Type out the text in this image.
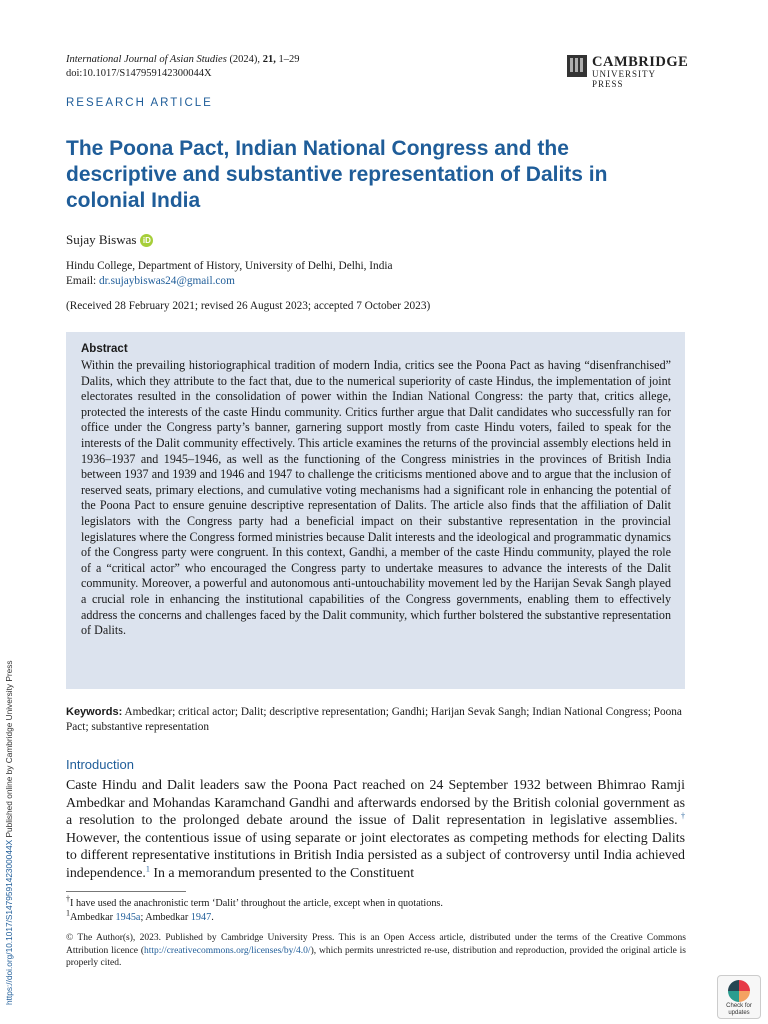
International Journal of Asian Studies (2024), 21, 1–29
doi:10.1017/S147959142300044X
CAMBRIDGE
UNIVERSITY PRESS
RESEARCH ARTICLE
The Poona Pact, Indian National Congress and the descriptive and substantive representation of Dalits in colonial India
Sujay Biswas iD
Hindu College, Department of History, University of Delhi, Delhi, India
Email: dr.sujaybiswas24@gmail.com
(Received 28 February 2021; revised 26 August 2023; accepted 7 October 2023)
Abstract
Within the prevailing historiographical tradition of modern India, critics see the Poona Pact as having “disenfranchised” Dalits, which they attribute to the fact that, due to the numerical superiority of caste Hindus, the implementation of joint electorates resulted in the consolidation of power within the Indian National Congress: the party that, critics allege, protected the interests of the caste Hindu community. Critics further argue that Dalit candidates who successfully ran for office under the Congress party’s banner, garnering support mostly from caste Hindu voters, failed to speak for the interests of the Dalit community effectively. This article examines the returns of the provincial assembly elections held in 1936–1937 and 1945–1946, as well as the functioning of the Congress ministries in the provinces of British India between 1937 and 1939 and 1946 and 1947 to challenge the criticisms mentioned above and to argue that the inclusion of reserved seats, primary elections, and cumulative voting mechanisms had a significant role in enhancing the potential of the Poona Pact to ensure genuine descriptive representation of Dalits. The article also finds that the affiliation of Dalit legislators with the Congress party had a beneficial impact on their substantive representation in the provincial legislatures where the Congress formed ministries because Dalit interests and the ideological and programmatic dynamics of the Congress party were congruent. In this context, Gandhi, a member of the caste Hindu community, played the role of a “critical actor” who encouraged the Congress party to undertake measures to advance the interests of the Dalit community. Moreover, a powerful and autonomous anti-untouchability movement led by the Harijan Sevak Sangh played a crucial role in enhancing the institutional capabilities of the Congress governments, enabling them to effectively address the concerns and challenges faced by the Dalit community, which further bolstered the substantive representation of Dalits.
Keywords: Ambedkar; critical actor; Dalit; descriptive representation; Gandhi; Harijan Sevak Sangh; Indian National Congress; Poona Pact; substantive representation
Introduction
Caste Hindu and Dalit leaders saw the Poona Pact reached on 24 September 1932 between Bhimrao Ramji Ambedkar and Mohandas Karamchand Gandhi and afterwards endorsed by the British colonial government as a resolution to the prolonged debate around the issue of Dalit representation in legislative assemblies.† However, the contentious issue of using separate or joint electorates as competing methods for electing Dalits to different representative institutions in British India persisted as a subject of controversy until India achieved independence.$^1$ In a memorandum presented to the Constituent
†I have used the anachronistic term ‘Dalit’ throughout the article, except when in quotations.
$^1$Ambedkar 1945a; Ambedkar 1947.
© The Author(s), 2023. Published by Cambridge University Press. This is an Open Access article, distributed under the terms of the Creative Commons Attribution licence (http://creativecommons.org/licenses/by/4.0/), which permits unrestricted re-use, distribution and reproduction, provided the original article is properly cited.
https://doi.org/10.1017/S147959142300044X Published online by Cambridge University Press
Check for
updates
